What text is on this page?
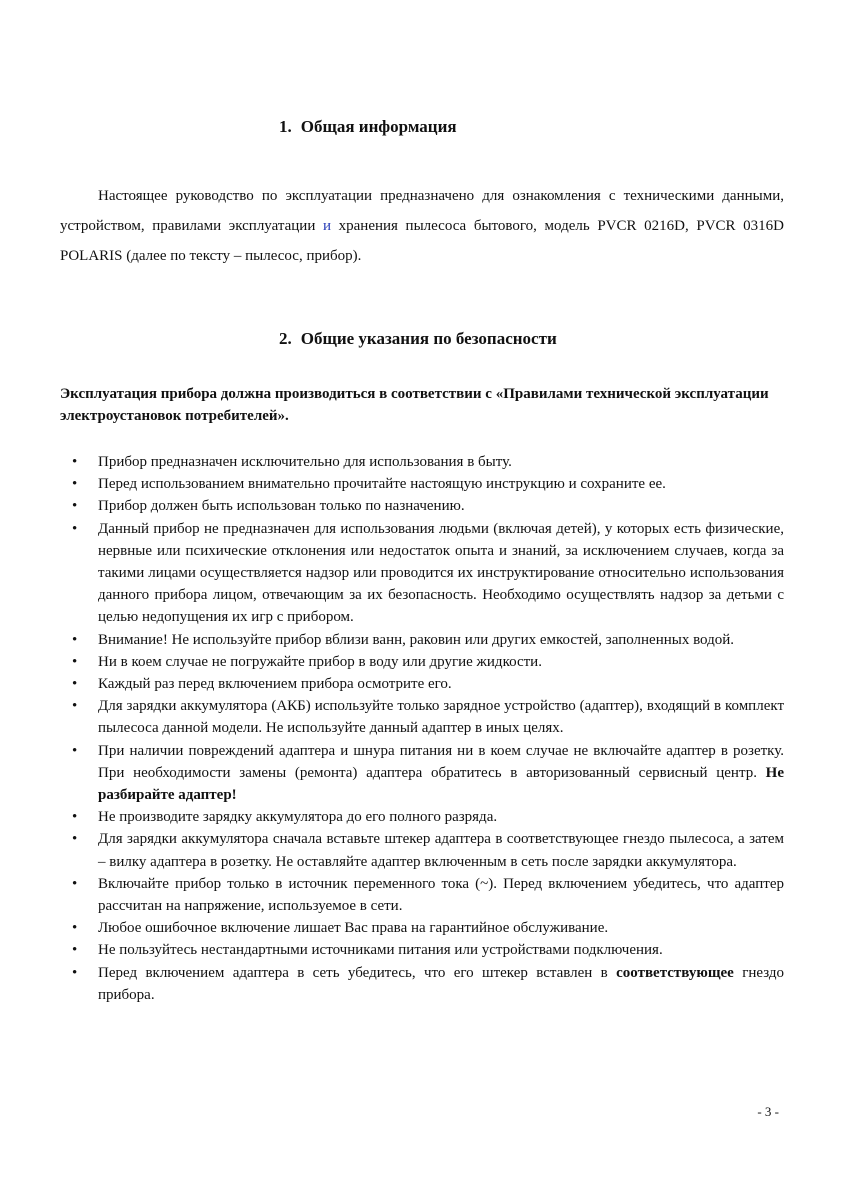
1. Общая информация

Настоящее руководство по эксплуатации предназначено для ознакомления с техническими данными, устройством, правилами эксплуатации и хранения пылесоса бытового, модель PVCR 0216D, PVCR 0316D POLARIS (далее по тексту – пылесос, прибор).

2. Общие указания по безопасности

Эксплуатация прибора должна производиться в соответствии с «Правилами технической эксплуатации электроустановок потребителей».

• Прибор предназначен исключительно для использования в быту.
• Перед использованием внимательно прочитайте настоящую инструкцию и сохраните ее.
• Прибор должен быть использован только по назначению.
• Данный прибор не предназначен для использования людьми (включая детей), у которых есть физические, нервные или психические отклонения или недостаток опыта и знаний, за исключением случаев, когда за такими лицами осуществляется надзор или проводится их инструктирование относительно использования данного прибора лицом, отвечающим за их безопасность. Необходимо осуществлять надзор за детьми с целью недопущения их игр с прибором.
• Внимание! Не используйте прибор вблизи ванн, раковин или других емкостей, заполненных водой.
• Ни в коем случае не погружайте прибор в воду или другие жидкости.
• Каждый раз перед включением прибора осмотрите его.
• Для зарядки аккумулятора (АКБ) используйте только зарядное устройство (адаптер), входящий в комплект пылесоса данной модели. Не используйте данный адаптер в иных целях.
• При наличии повреждений адаптера и шнура питания ни в коем случае не включайте адаптер в розетку. При необходимости замены (ремонта) адаптера обратитесь в авторизованный сервисный центр. Не разбирайте адаптер!
• Не производите зарядку аккумулятора до его полного разряда.
• Для зарядки аккумулятора сначала вставьте штекер адаптера в соответствующее гнездо пылесоса, а затем – вилку адаптера в розетку. Не оставляйте адаптер включенным в сеть после зарядки аккумулятора.
• Включайте прибор только в источник переменного тока (~). Перед включением убедитесь, что адаптер рассчитан на напряжение, используемое в сети.
• Любое ошибочное включение лишает Вас права на гарантийное обслуживание.
• Не пользуйтесь нестандартными источниками питания или устройствами подключения.
• Перед включением адаптера в сеть убедитесь, что его штекер вставлен в соответствующее гнездо прибора.
- 3 -
